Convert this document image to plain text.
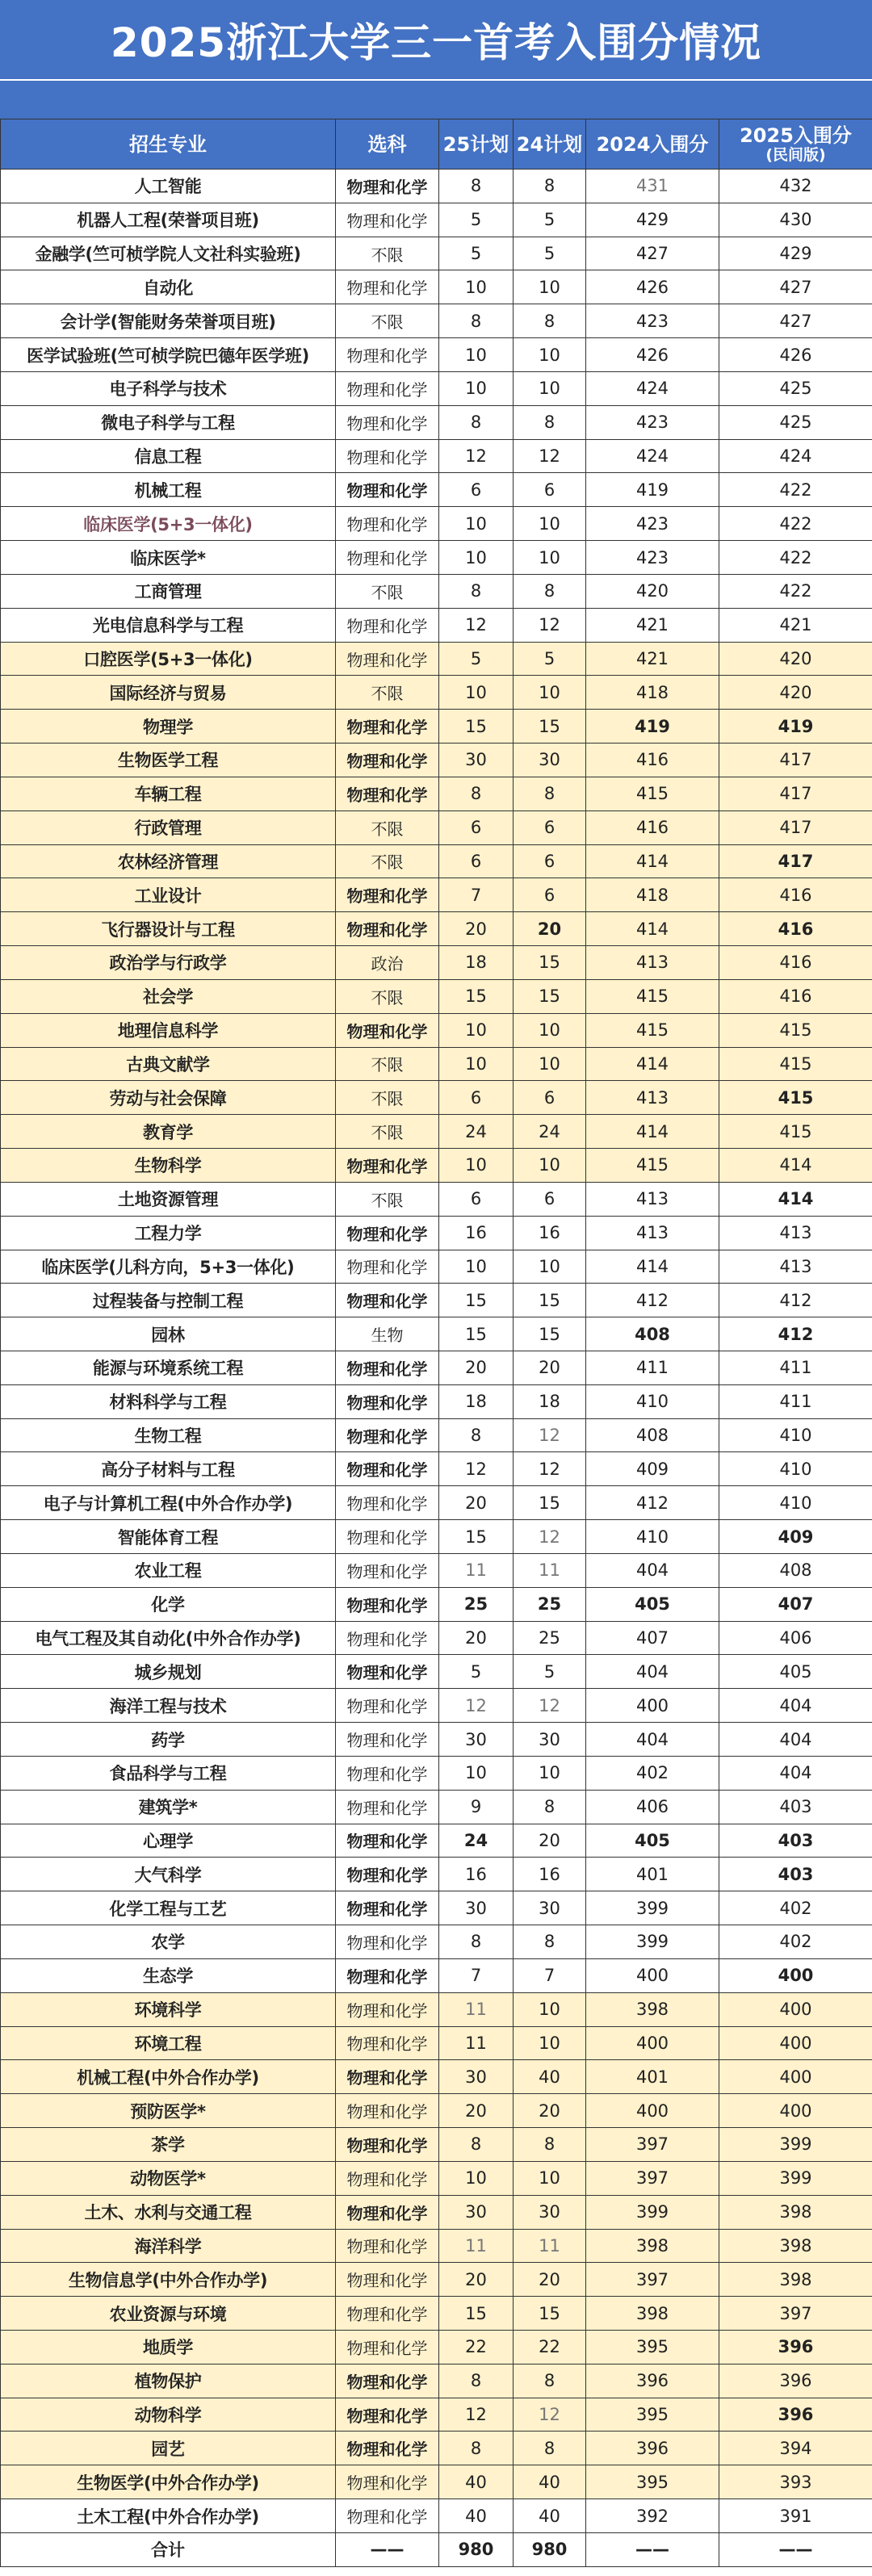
2025浙江大学三一首考入围分情况
招生专业	选科	25计划	24计划	2024入围分	2025入围分
(民间版)

人工智能	物理和化学	8	8	431	432
机器人工程(荣誉项目班)	物理和化学	5	5	429	430
金融学(竺可桢学院人文社科实验班)	不限	5	5	427	429
自动化	物理和化学	10	10	426	427
会计学(智能财务荣誉项目班)	不限	8	8	423	427
医学试验班(竺可桢学院巴德年医学班)	物理和化学	10	10	426	426
电子科学与技术	物理和化学	10	10	424	425
微电子科学与工程	物理和化学	8	8	423	425
信息工程	物理和化学	12	12	424	424
机械工程	物理和化学	6	6	419	422
临床医学(5+3一体化)	物理和化学	10	10	423	422
临床医学*	物理和化学	10	10	423	422
工商管理	不限	8	8	420	422
光电信息科学与工程	物理和化学	12	12	421	421
口腔医学(5+3一体化)	物理和化学	5	5	421	420
国际经济与贸易	不限	10	10	418	420
物理学	物理和化学	15	15	419	419
生物医学工程	物理和化学	30	30	416	417
车辆工程	物理和化学	8	8	415	417
行政管理	不限	6	6	416	417
农林经济管理	不限	6	6	414	417
工业设计	物理和化学	7	6	418	416
飞行器设计与工程	物理和化学	20	20	414	416
政治学与行政学	政治	18	15	413	416
社会学	不限	15	15	415	416
地理信息科学	物理和化学	10	10	415	415
古典文献学	不限	10	10	414	415
劳动与社会保障	不限	6	6	413	415
教育学	不限	24	24	414	415
生物科学	物理和化学	10	10	415	414
土地资源管理	不限	6	6	413	414
工程力学	物理和化学	16	16	413	413
临床医学(儿科方向，5+3一体化)	物理和化学	10	10	414	413
过程装备与控制工程	物理和化学	15	15	412	412
园林	生物	15	15	408	412
能源与环境系统工程	物理和化学	20	20	411	411
材料科学与工程	物理和化学	18	18	410	411
生物工程	物理和化学	8	12	408	410
高分子材料与工程	物理和化学	12	12	409	410
电子与计算机工程(中外合作办学)	物理和化学	20	15	412	410
智能体育工程	物理和化学	15	12	410	409
农业工程	物理和化学	11	11	404	408
化学	物理和化学	25	25	405	407
电气工程及其自动化(中外合作办学)	物理和化学	20	25	407	406
城乡规划	物理和化学	5	5	404	405
海洋工程与技术	物理和化学	12	12	400	404
药学	物理和化学	30	30	404	404
食品科学与工程	物理和化学	10	10	402	404
建筑学*	物理和化学	9	8	406	403
心理学	物理和化学	24	20	405	403
大气科学	物理和化学	16	16	401	403
化学工程与工艺	物理和化学	30	30	399	402
农学	物理和化学	8	8	399	402
生态学	物理和化学	7	7	400	400
环境科学	物理和化学	11	10	398	400
环境工程	物理和化学	11	10	400	400
机械工程(中外合作办学)	物理和化学	30	40	401	400
预防医学*	物理和化学	20	20	400	400
茶学	物理和化学	8	8	397	399
动物医学*	物理和化学	10	10	397	399
土木、水利与交通工程	物理和化学	30	30	399	398
海洋科学	物理和化学	11	11	398	398
生物信息学(中外合作办学)	物理和化学	20	20	397	398
农业资源与环境	物理和化学	15	15	398	397
地质学	物理和化学	22	22	395	396
植物保护	物理和化学	8	8	396	396
动物科学	物理和化学	12	12	395	396
园艺	物理和化学	8	8	396	394
生物医学(中外合作办学)	物理和化学	40	40	395	393
土木工程(中外合作办学)	物理和化学	40	40	392	391
合计	——	980	980	——	——
